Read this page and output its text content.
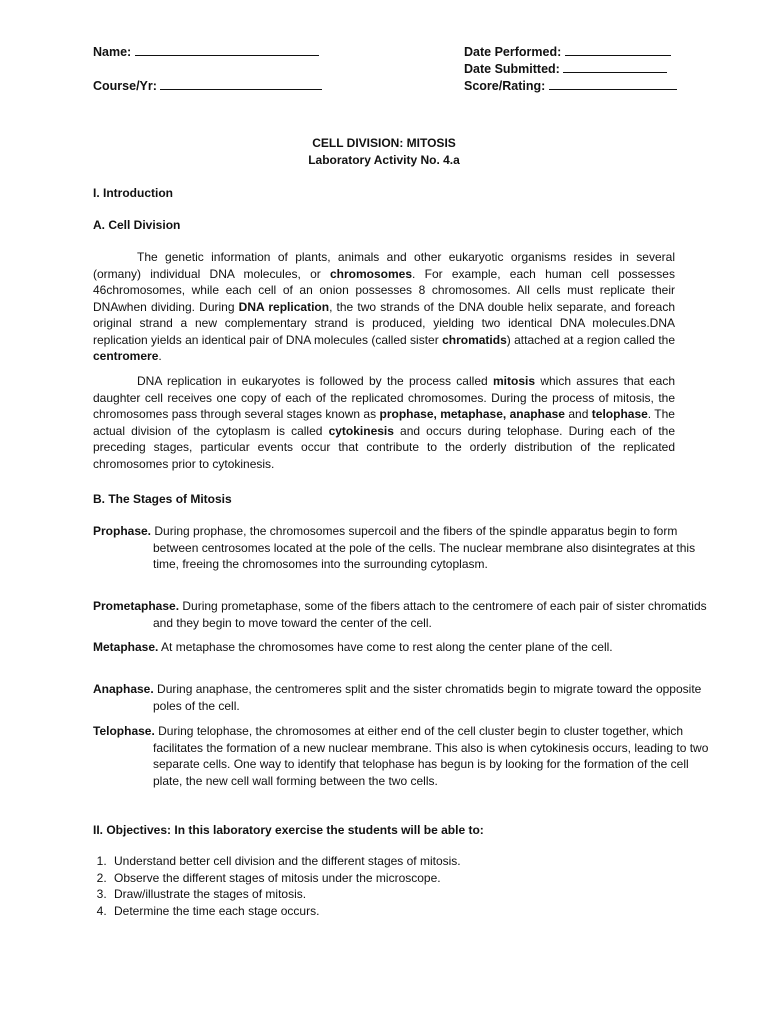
Name:
Course/Yr:
Date Performed:
Date Submitted:
Score/Rating:
CELL DIVISION: MITOSIS
Laboratory Activity No. 4.a
I. Introduction
A. Cell Division

The genetic information of plants, animals and other eukaryotic organisms resides in several (ormany) individual DNA molecules, or chromosomes. For example, each human cell possesses 46chromosomes, while each cell of an onion possesses 8 chromosomes. All cells must replicate their DNAwhen dividing. During DNA replication, the two strands of the DNA double helix separate, and foreach original strand a new complementary strand is produced, yielding two identical DNA molecules.DNA replication yields an identical pair of DNA molecules (called sister chromatids) attached at a region called the centromere.

DNA replication in eukaryotes is followed by the process called mitosis which assures that each daughter cell receives one copy of each of the replicated chromosomes. During the process of mitosis, the chromosomes pass through several stages known as prophase, metaphase, anaphase and telophase. The actual division of the cytoplasm is called cytokinesis and occurs during telophase. During each of the preceding stages, particular events occur that contribute to the orderly distribution of the replicated chromosomes prior to cytokinesis.

B. The Stages of Mitosis

Prophase. During prophase, the chromosomes supercoil and the fibers of the spindle apparatus begin to form between centrosomes located at the pole of the cells. The nuclear membrane also disintegrates at this time, freeing the chromosomes into the surrounding cytoplasm.

Prometaphase. During prometaphase, some of the fibers attach to the centromere of each pair of sister chromatids and they begin to move toward the center of the cell.

Metaphase. At metaphase the chromosomes have come to rest along the center plane of the cell.

Anaphase. During anaphase, the centromeres split and the sister chromatids begin to migrate toward the opposite poles of the cell.

Telophase. During telophase, the chromosomes at either end of the cell cluster begin to cluster together, which facilitates the formation of a new nuclear membrane. This also is when cytokinesis occurs, leading to two separate cells. One way to identify that telophase has begun is by looking for the formation of the cell plate, the new cell wall forming between the two cells.

II. Objectives: In this laboratory exercise the students will be able to:
1. Understand better cell division and the different stages of mitosis.
2. Observe the different stages of mitosis under the microscope.
3. Draw/illustrate the stages of mitosis.
4. Determine the time each stage occurs.
